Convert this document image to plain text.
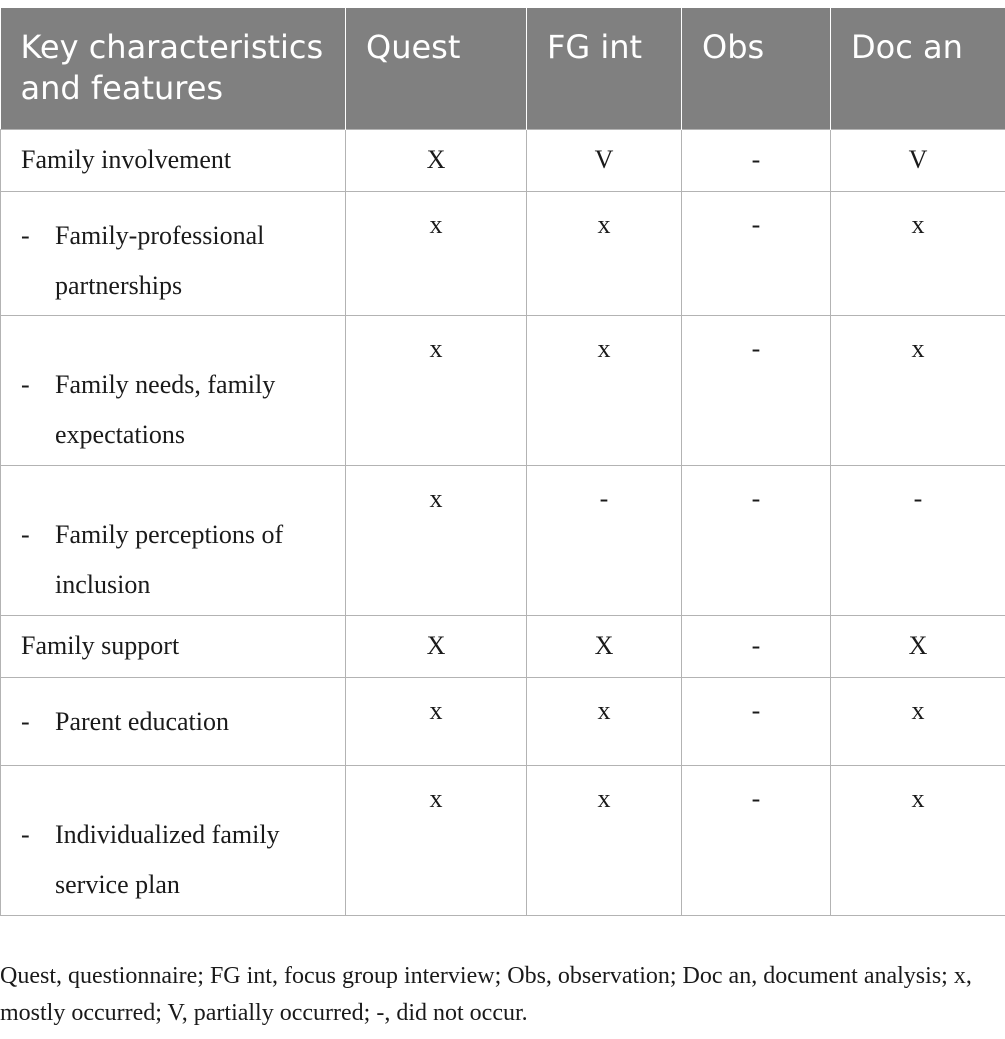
Key characteristics and features	Quest	FG int	Obs	Doc an
Family involvement	X	V	-	V

- Family-professional partnerships	x	x	-	x

- Family needs, family expectations	x	x	-	x

- Family perceptions of inclusion	x	-	-	-
Family support	X	X	-	X

- Parent education	x	x	-	x

- Individualized family service plan	x	x	-	x
Quest, questionnaire; FG int, focus group interview; Obs, observation; Doc an, document analysis; x, mostly occurred; V, partially occurred; -, did not occur.
